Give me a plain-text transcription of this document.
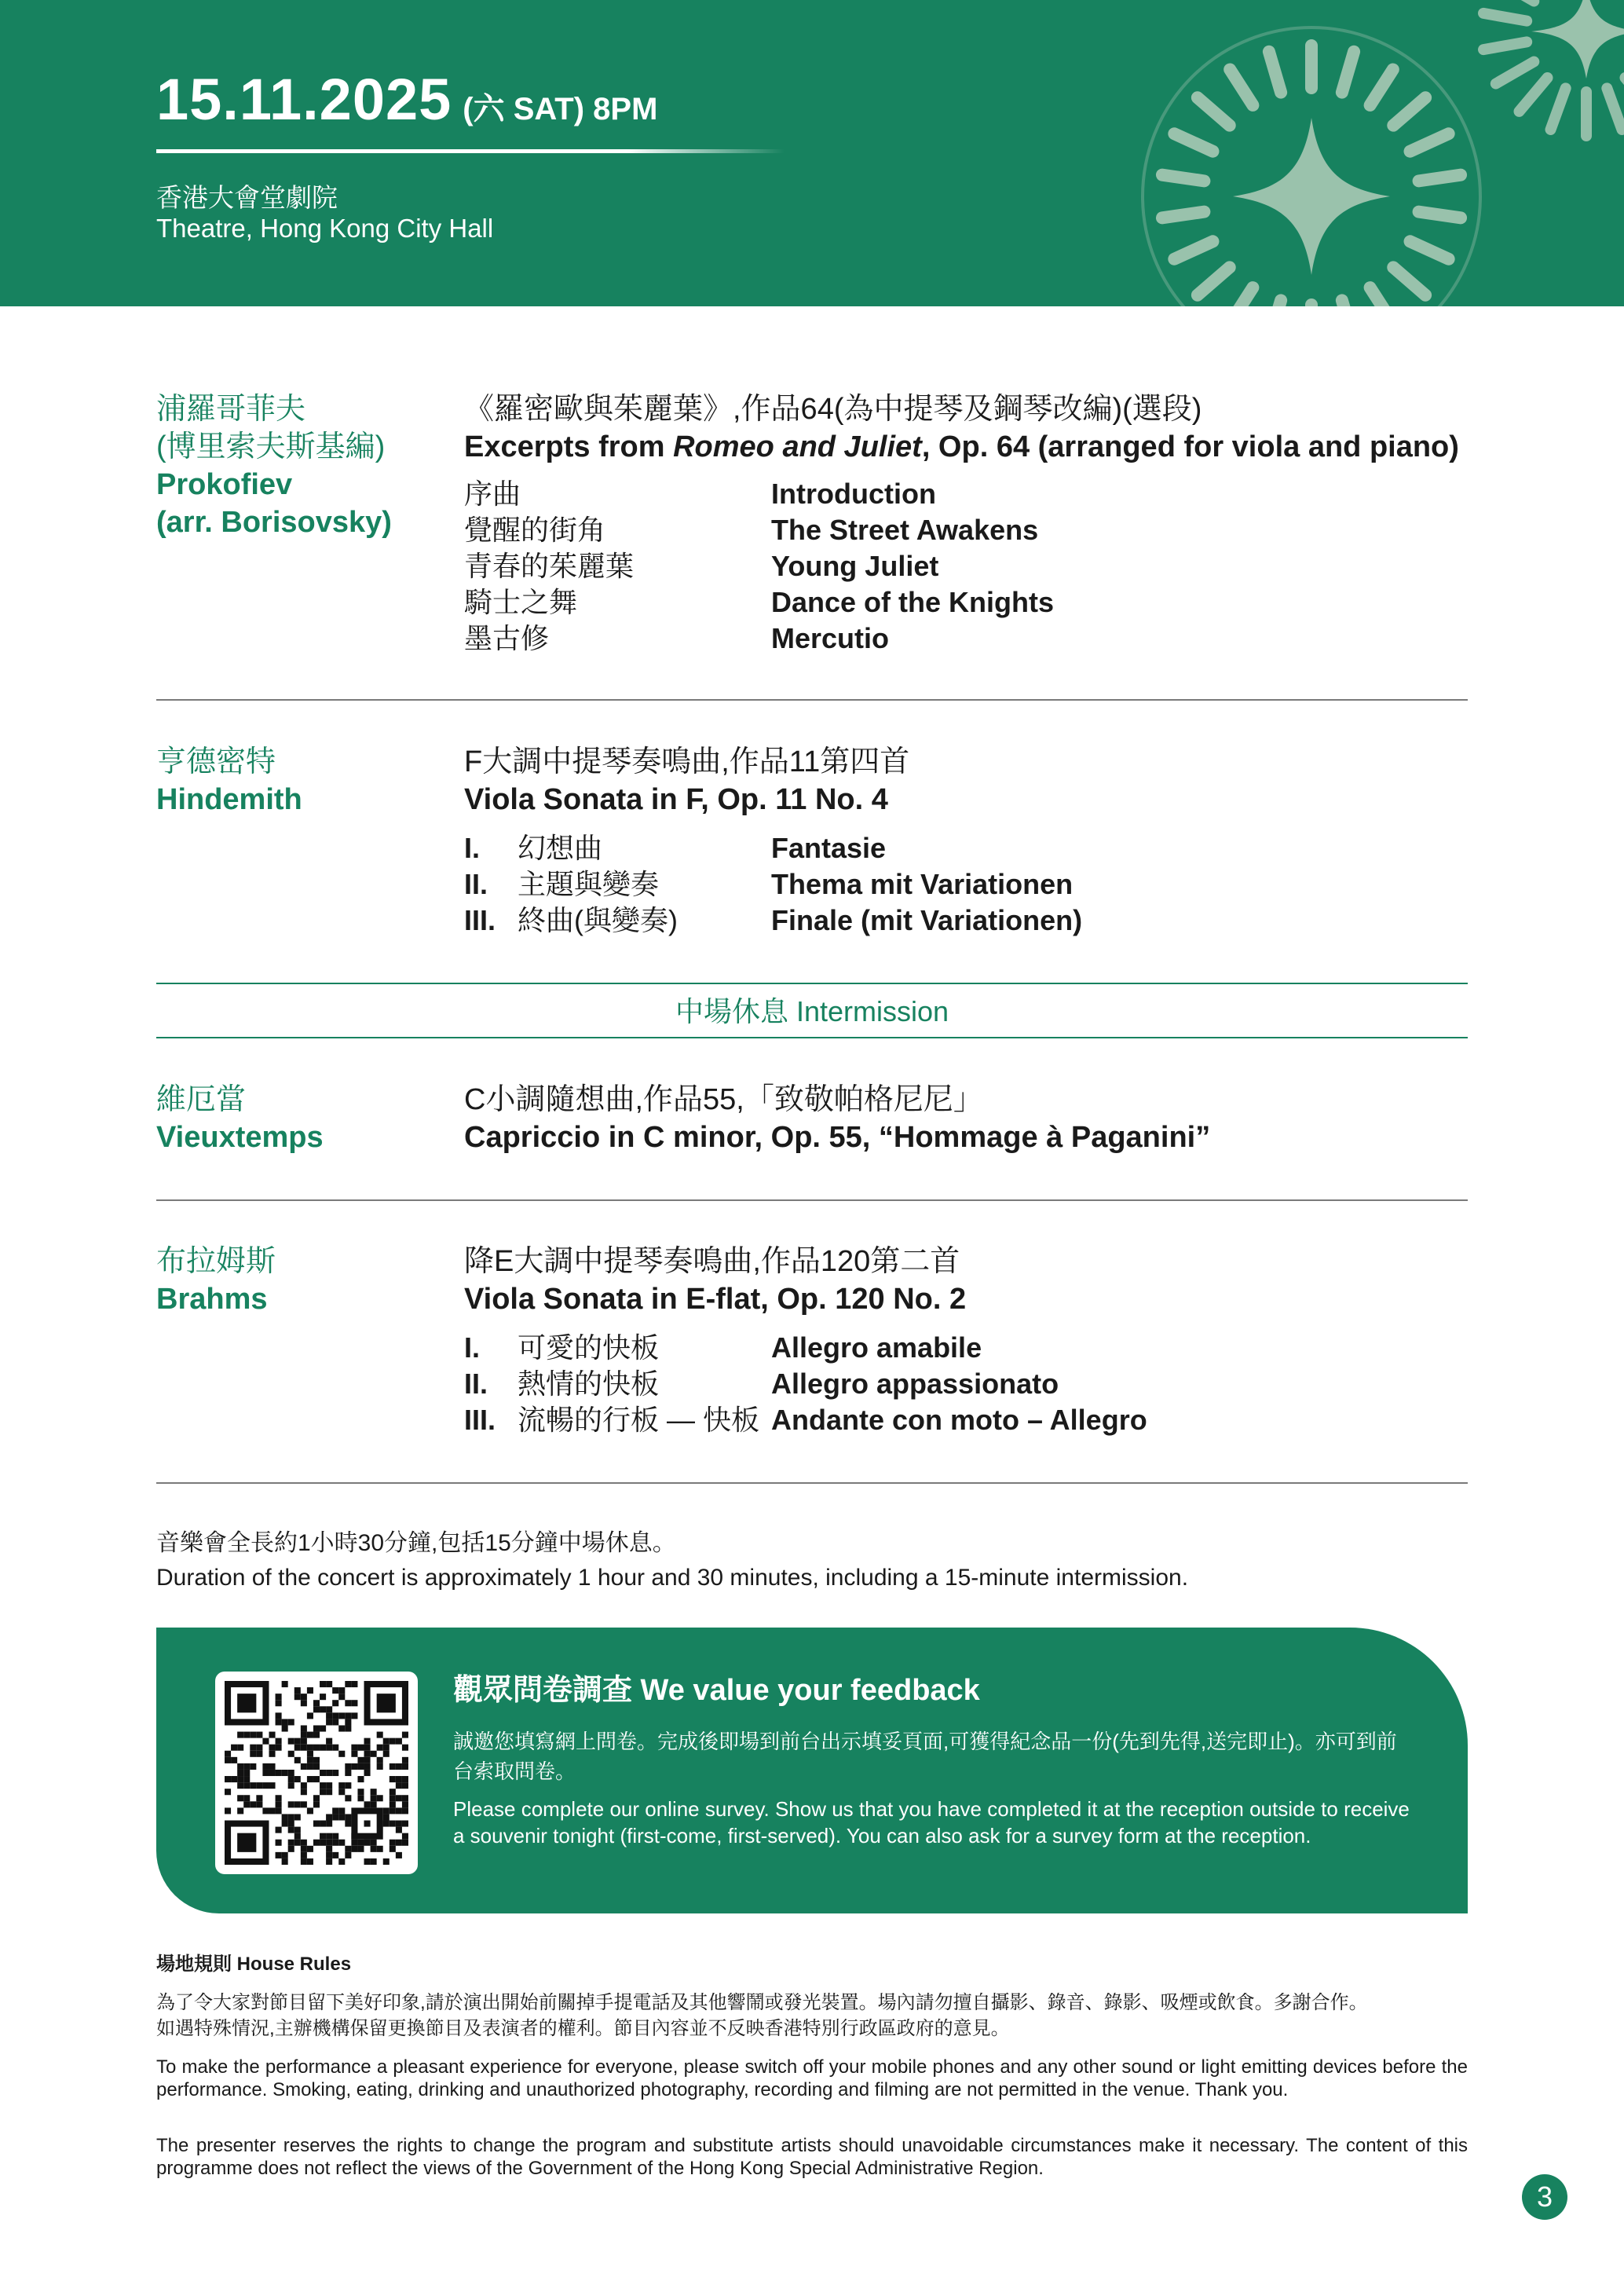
15.11.2025 (六 SAT) 8PM
香港大會堂劇院
Theatre, Hong Kong City Hall
浦羅哥菲夫
(博里索夫斯基編)
Prokofiev
(arr. Borisovsky)
《羅密歐與茱麗葉》,作品64(為中提琴及鋼琴改編)(選段)
Excerpts from Romeo and Juliet, Op. 64 (arranged for viola and piano)
序曲	Introduction
覺醒的街角	The Street Awakens
青春的茱麗葉	Young Juliet
騎士之舞	Dance of the Knights
墨古修	Mercutio
亨德密特
Hindemith
F大調中提琴奏鳴曲,作品11第四首
Viola Sonata in F, Op. 11 No. 4
I. 幻想曲	Fantasie
II. 主題與變奏	Thema mit Variationen
III. 終曲(與變奏)	Finale (mit Variationen)
中場休息 Intermission
維厄當
Vieuxtemps
C小調隨想曲,作品55,「致敬帕格尼尼」
Capriccio in C minor, Op. 55, “Hommage à Paganini”
布拉姆斯
Brahms
降E大調中提琴奏鳴曲,作品120第二首
Viola Sonata in E-flat, Op. 120 No. 2
I. 可愛的快板	Allegro amabile
II. 熱情的快板	Allegro appassionato
III. 流暢的行板 — 快板 Andante con moto – Allegro
音樂會全長約1小時30分鐘,包括15分鐘中場休息。
Duration of the concert is approximately 1 hour and 30 minutes, including a 15-minute intermission.
觀眾問卷調查 We value your feedback
誠邀您填寫網上問卷。完成後即場到前台出示填妥頁面,可獲得紀念品一份(先到先得,送完即止)。亦可到前台索取問卷。
Please complete our online survey. Show us that you have completed it at the reception outside to receive a souvenir tonight (first-come, first-served). You can also ask for a survey form at the reception.
場地規則 House Rules
為了令大家對節目留下美好印象,請於演出開始前關掉手提電話及其他響鬧或發光裝置。場內請勿擅自攝影、錄音、錄影、吸煙或飲食。多謝合作。
如遇特殊情況,主辦機構保留更換節目及表演者的權利。節目內容並不反映香港特別行政區政府的意見。
To make the performance a pleasant experience for everyone, please switch off your mobile phones and any other sound or light emitting devices before the performance. Smoking, eating, drinking and unauthorized photography, recording and filming are not permitted in the venue. Thank you.
The presenter reserves the rights to change the program and substitute artists should unavoidable circumstances make it necessary. The content of this programme does not reflect the views of the Government of the Hong Kong Special Administrative Region.
3
